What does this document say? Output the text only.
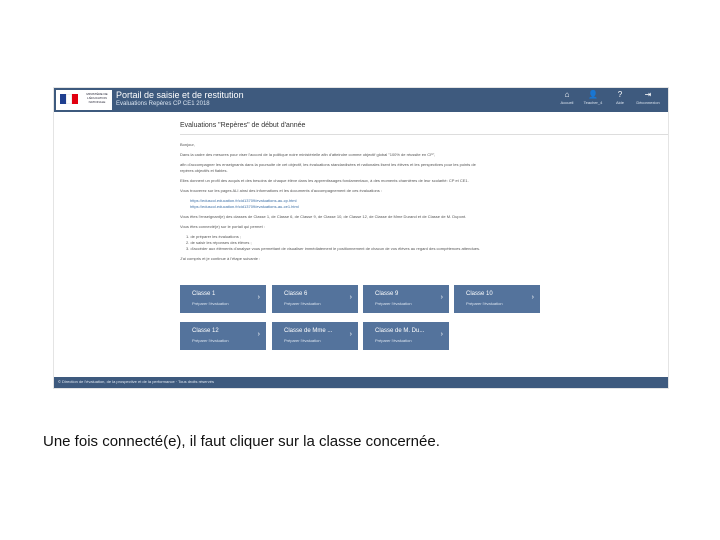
MINISTÈRE DE L'ÉDUCATION NATIONALE
Portail de saisie et de restitution
Evaluations Repères CP CE1 2018
⌂
Accueil
👤
Teacher_4
?
Aide
⇥
Déconnexion
Evaluations "Repères" de début d'année
Bonjour,
Dans la cadre des mesures pour viser l'accord de la politique noire ministérielle afin d'atteindre comme objectif global "100% de réussite en CP",
afin d'accompagner les enseignants dans la poursuite de cet objectif, les évaluations standardisées et nationales lisent les élèves et les perspectives pour les points de
repères objectifs et fiables.
Elles donnent un profil des acquis et des besoins de chaque élève dans les apprentissages fondamentaux, à des moments charnières de leur scolarité: CP et CE1.
Vous trouverez sur les pages ALI ainsi des informations et les documents d'accompagnement de ces évaluations :
https://eduscol.education.fr/cid13709/evaluations-au-cp.html
https://eduscol.education.fr/cid13709/evaluations-au-ce1.html
Vous êtes l'enseignant(e) des classes de Classe 1, de Classe 6, de Classe 9, de Classe 10, de Classe 12, de Classe de Mme Durand et de Classe de M. Dupont.
Vous êtes connecté(e) sur le portail qui permet :
1. de préparer les évaluations ;
2. de saisir les réponses des élèves ;
3. d'accéder aux éléments d'analyse vous permettant de visualiser immédiatement le positionnement de chacun de vos élèves au regard des compétences attendues.
J'ai compris et je continue à l'étape suivante :
Classe 1
Préparer l'évaluation
›	Classe 6
Préparer l'évaluation
›	Classe 9
Préparer l'évaluation
›	Classe 10
Préparer l'évaluation
›
Classe 12
Préparer l'évaluation
›	Classe de Mme ...
Préparer l'évaluation
›	Classe de M. Du...
Préparer l'évaluation
›
© Direction de l'évaluation, de la prospective et de la performance · Tous droits réservés
Une fois connecté(e), il faut cliquer sur la classe concernée.
